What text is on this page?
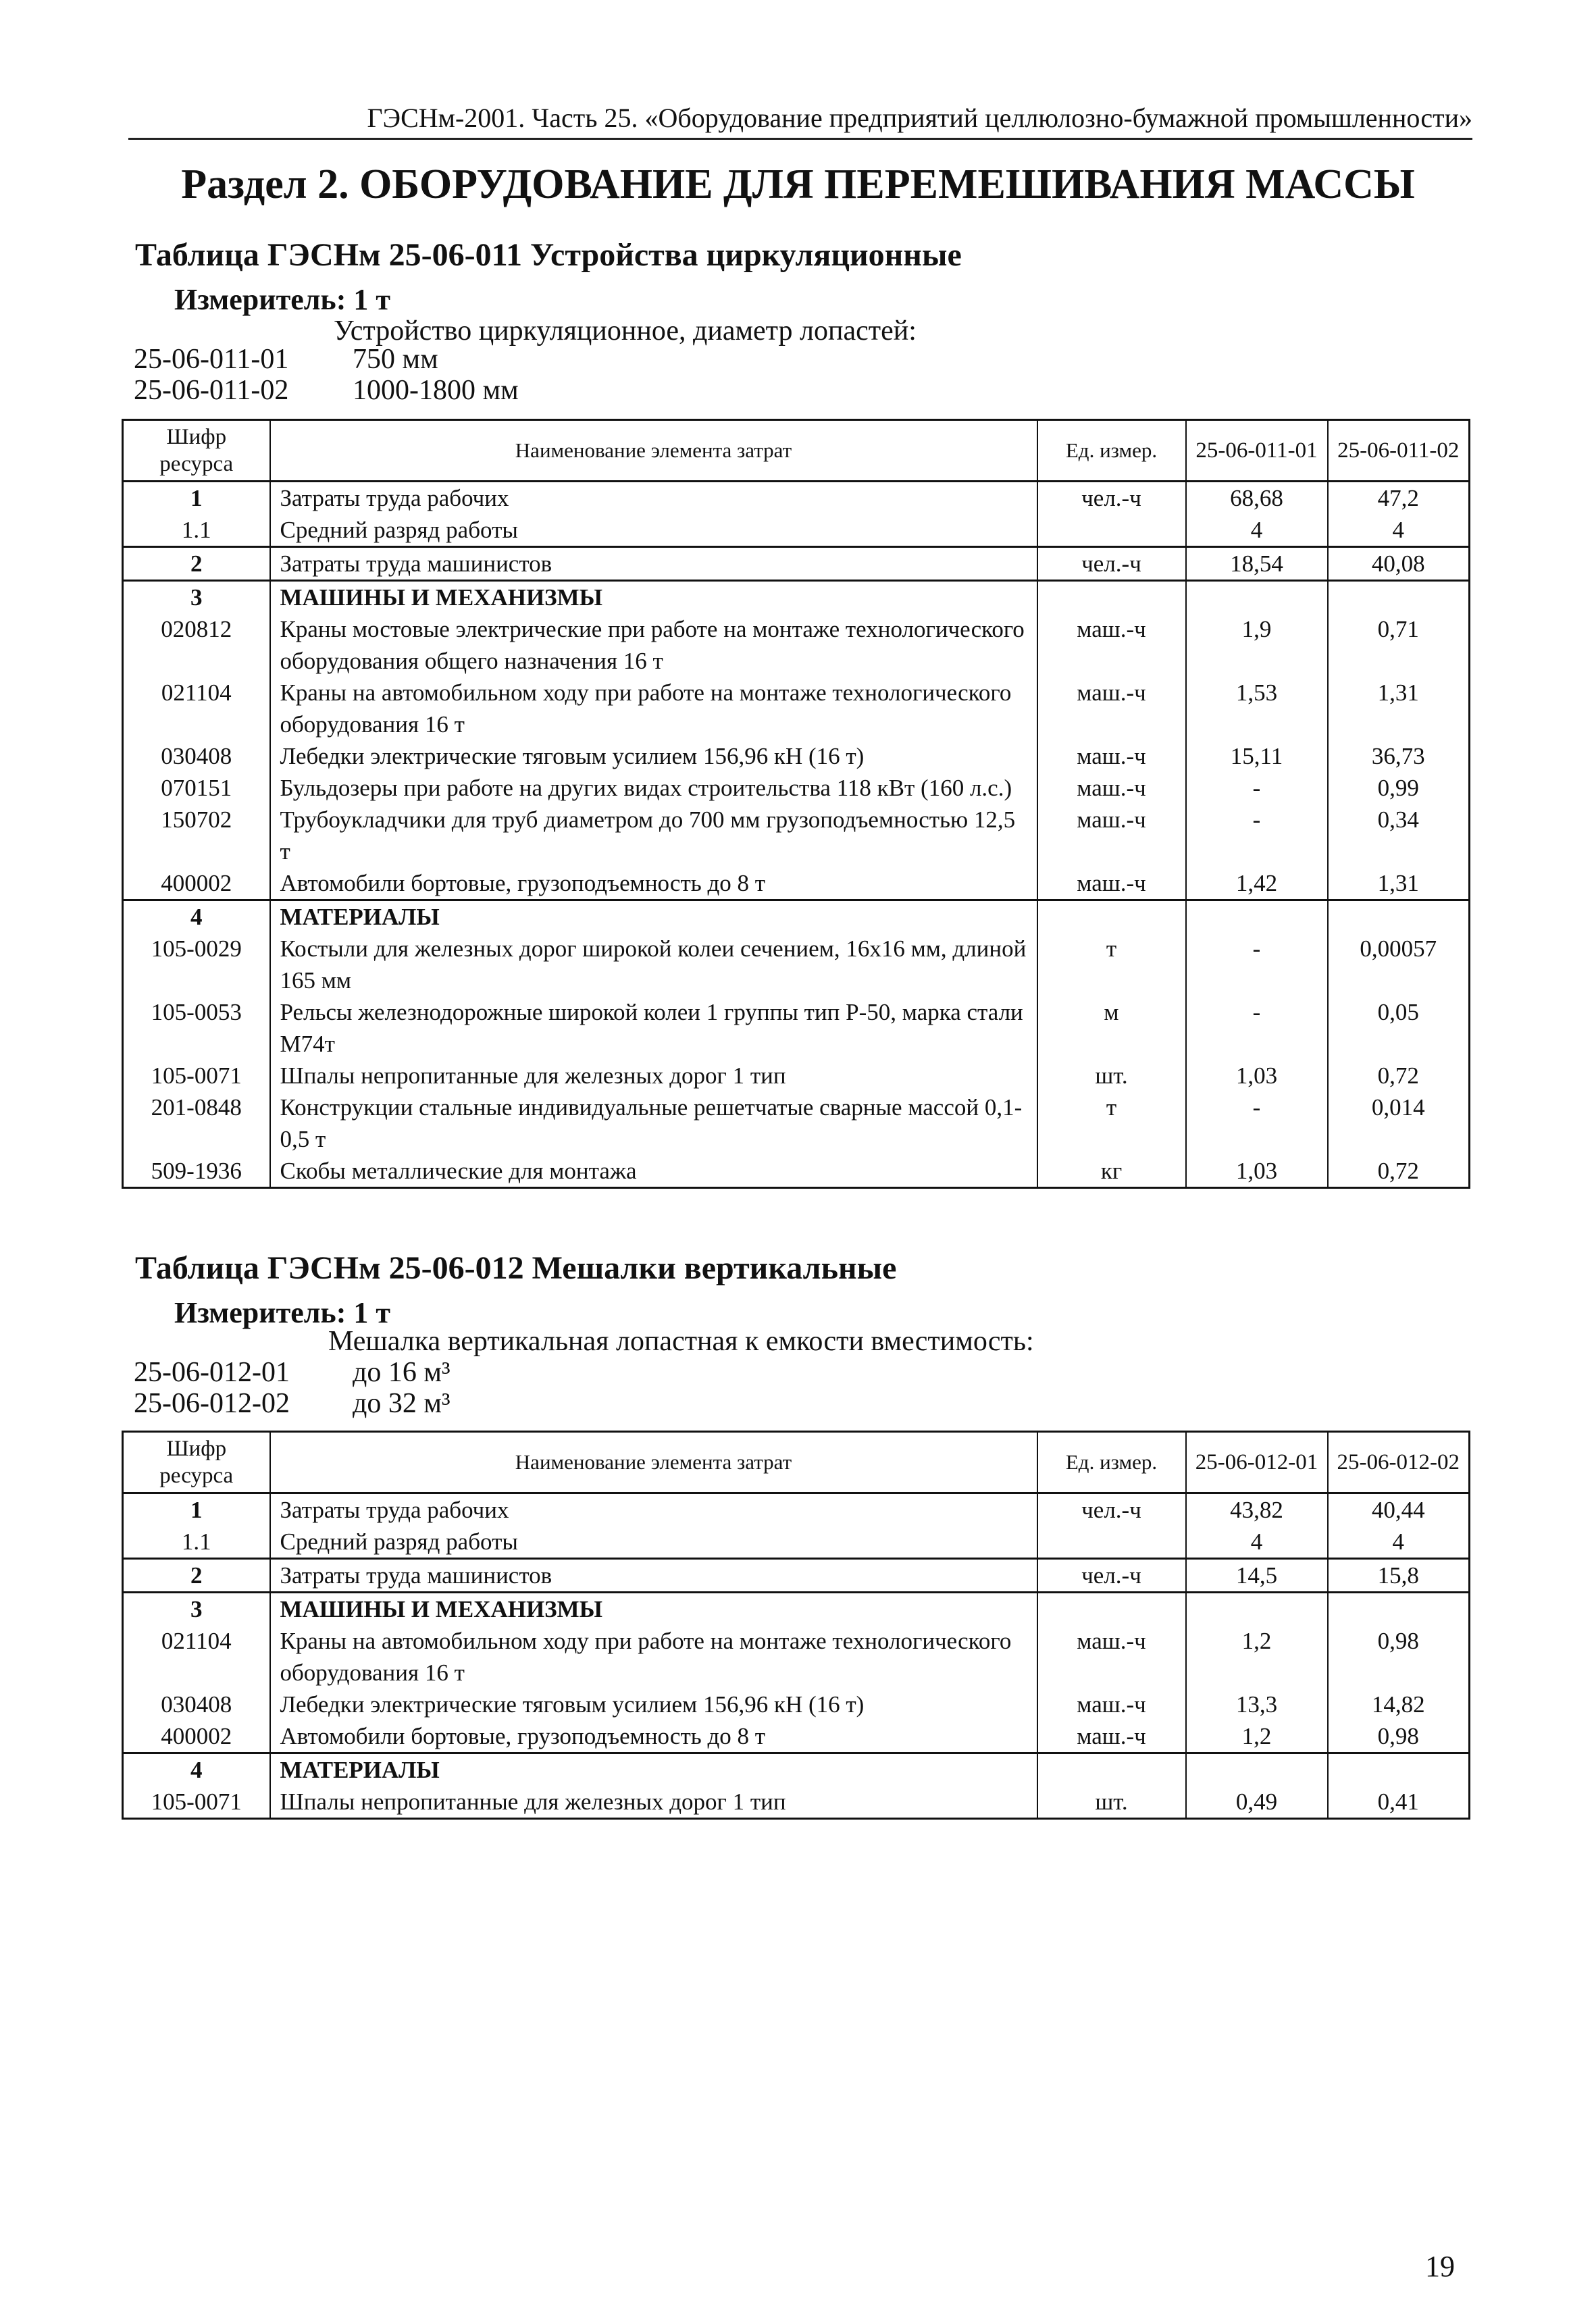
ГЭСНм-2001. Часть 25. «Оборудование предприятий целлюлозно-бумажной промышленности»
Раздел 2. ОБОРУДОВАНИЕ ДЛЯ ПЕРЕМЕШИВАНИЯ МАССЫ
Таблица ГЭСНм 25-06-011 Устройства циркуляционные
Измеритель: 1 т
Устройство циркуляционное, диаметр лопастей:
25-06-011-01 750 мм
25-06-011-02 1000-1800 мм
Шифр ресурса	Наименование элемента затрат	Ед. измер.	25-06-011-01	25-06-011-02
1	Затраты труда рабочих	чел.-ч	68,68	47,2
1.1	Средний разряд работы		4	4
2	Затраты труда машинистов	чел.-ч	18,54	40,08
3	МАШИНЫ И МЕХАНИЗМЫ			
020812	Краны мостовые электрические при работе на монтаже технологического оборудования общего назначения 16 т	маш.-ч	1,9	0,71
021104	Краны на автомобильном ходу при работе на монтаже технологического оборудования 16 т	маш.-ч	1,53	1,31
030408	Лебедки электрические тяговым усилием 156,96 кН (16 т)	маш.-ч	15,11	36,73
070151	Бульдозеры при работе на других видах строительства 118 кВт (160 л.с.)	маш.-ч	-	0,99
150702	Трубоукладчики для труб диаметром до 700 мм грузоподъемностью 12,5 т	маш.-ч	-	0,34
400002	Автомобили бортовые, грузоподъемность до 8 т	маш.-ч	1,42	1,31
4	МАТЕРИАЛЫ			
105-0029	Костыли для железных дорог широкой колеи сечением, 16х16 мм, длиной 165 мм	т	-	0,00057
105-0053	Рельсы железнодорожные широкой колеи 1 группы тип Р-50, марка стали М74т	м	-	0,05
105-0071	Шпалы непропитанные для железных дорог 1 тип	шт.	1,03	0,72
201-0848	Конструкции стальные индивидуальные решетчатые сварные массой 0,1-0,5 т	т	-	0,014
509-1936	Скобы металлические для монтажа	кг	1,03	0,72
Таблица ГЭСНм 25-06-012 Мешалки вертикальные
Измеритель: 1 т
Мешалка вертикальная лопастная к емкости вместимость:
25-06-012-01 до 16 м³
25-06-012-02 до 32 м³
Шифр ресурса	Наименование элемента затрат	Ед. измер.	25-06-012-01	25-06-012-02
1	Затраты труда рабочих	чел.-ч	43,82	40,44
1.1	Средний разряд работы		4	4
2	Затраты труда машинистов	чел.-ч	14,5	15,8
3	МАШИНЫ И МЕХАНИЗМЫ			
021104	Краны на автомобильном ходу при работе на монтаже технологического оборудования 16 т	маш.-ч	1,2	0,98
030408	Лебедки электрические тяговым усилием 156,96 кН (16 т)	маш.-ч	13,3	14,82
400002	Автомобили бортовые, грузоподъемность до 8 т	маш.-ч	1,2	0,98
4	МАТЕРИАЛЫ			
105-0071	Шпалы непропитанные для железных дорог 1 тип	шт.	0,49	0,41
19
